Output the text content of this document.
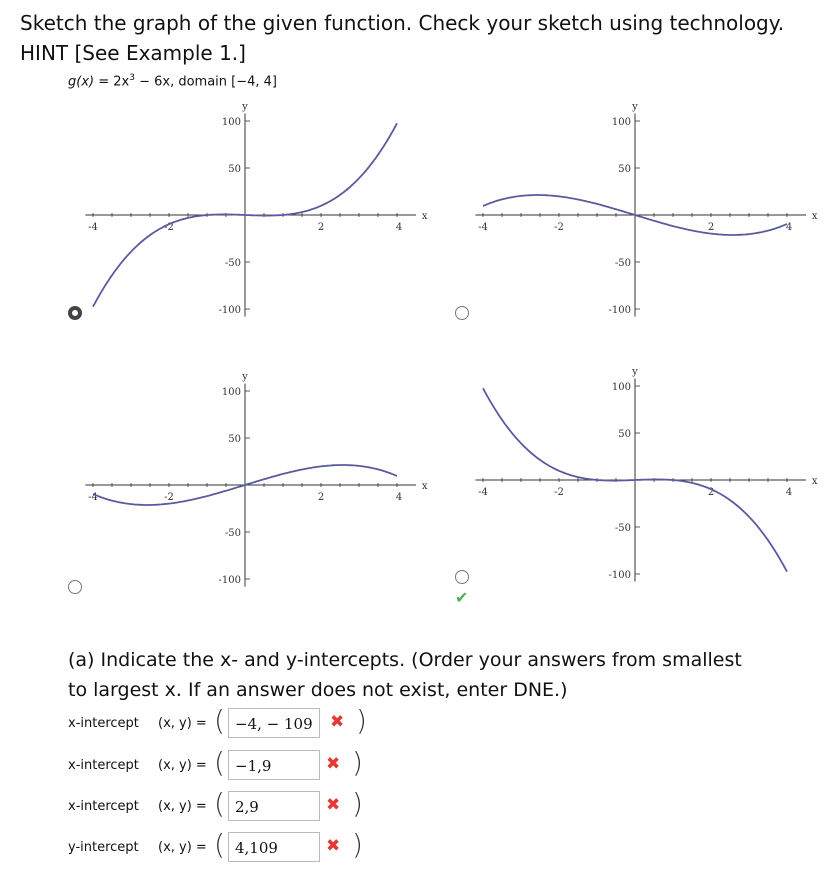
Sketch the graph of the given function. Check your sketch using technology.
HINT [See Example 1.]
$g(x) = 2x^3 - 6x$, domain [−4, 4]
-4	-2	2	4
100
50
-50
-100
x
y
-4	-2	2	4
100
50
-50
-100
x
y
-4	-2	2	4
100
50
-50
-100
x
y
-4	-2	2	4
100
50
-50
-100
x
y
✔
(a) Indicate the x- and y-intercepts. (Order your answers from smallest
to largest x. If an answer does not exist, enter DNE.)
x-intercept (x, y) = ( −4, − 109	✖ )
x-intercept (x, y) = ( −1,9	✖ )
x-intercept (x, y) = ( 2,9	✖ )
y-intercept (x, y) = ( 4,109	✖ )
